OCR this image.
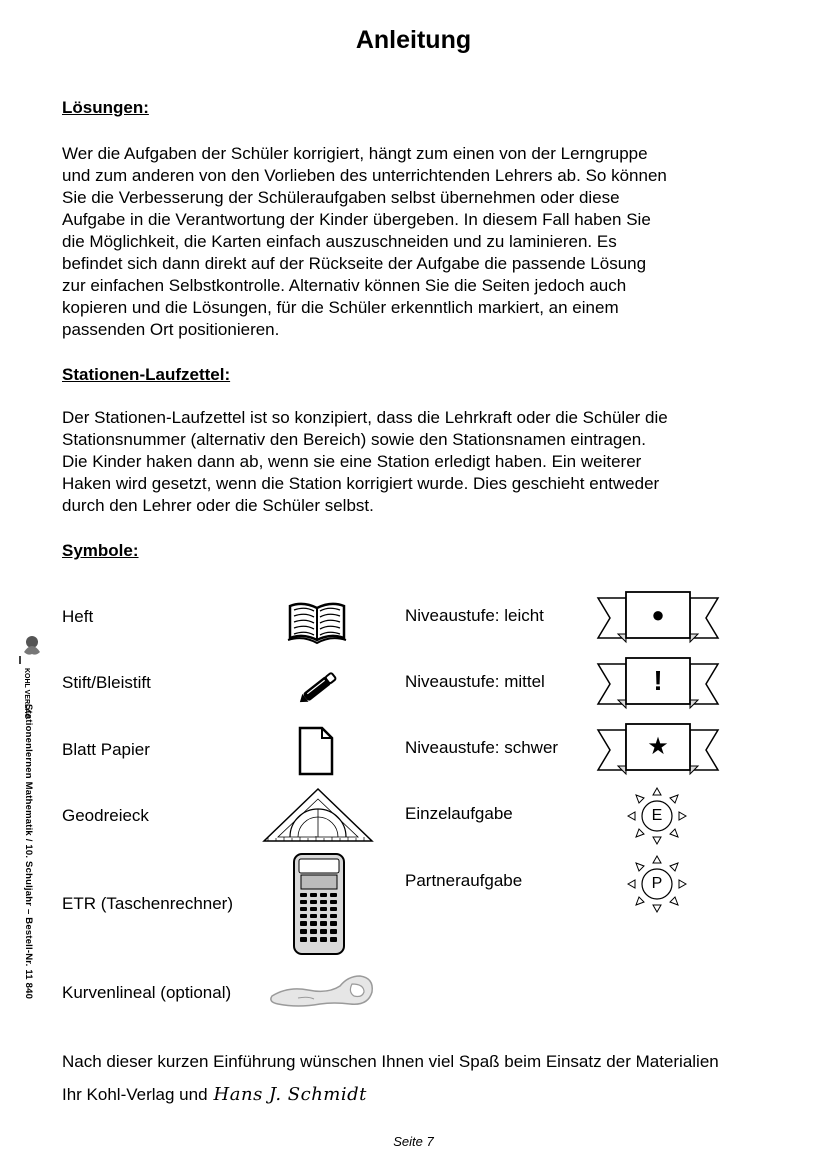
Anleitung
Lösungen:
Wer die Aufgaben der Schüler korrigiert, hängt zum einen von der Lerngruppe
und zum anderen von den Vorlieben des unterrichtenden Lehrers ab. So können
Sie die Verbesserung der Schüleraufgaben selbst übernehmen oder diese
Aufgabe in die Verantwortung der Kinder übergeben. In diesem Fall haben Sie
die Möglichkeit, die Karten einfach auszuschneiden und zu laminieren. Es
befindet sich dann direkt auf der Rückseite der Aufgabe die passende Lösung
zur einfachen Selbstkontrolle. Alternativ können Sie die Seiten jedoch auch
kopieren und die Lösungen, für die Schüler erkenntlich markiert, an einem
passenden Ort positionieren.
Stationen-Laufzettel:
Der Stationen-Laufzettel ist so konzipiert, dass die Lehrkraft oder die Schüler die
Stationsnummer (alternativ den Bereich) sowie den Stationsnamen eintragen.
Die Kinder haken dann ab, wenn sie eine Station erledigt haben. Ein weiterer
Haken wird gesetzt, wenn die Station korrigiert wurde. Dies geschieht entweder
durch den Lehrer oder die Schüler selbst.
Symbole:
Heft
Stift/Bleistift
Blatt Papier
Geodreieck
ETR (Taschenrechner)
Kurvenlineal (optional)
Niveaustufe: leicht
Niveaustufe: mittel
Niveaustufe: schwer
Einzelaufgabe
Partneraufgabe
●
!
★
E
P
Nach dieser kurzen Einführung wünschen Ihnen viel Spaß beim Einsatz der Materialien
Ihr Kohl-Verlag und Hans J. Schmidt
Seite 7
KOHL VERLAG
Stationenlernen Mathematik / 10. Schuljahr – Bestell-Nr. 11 840
